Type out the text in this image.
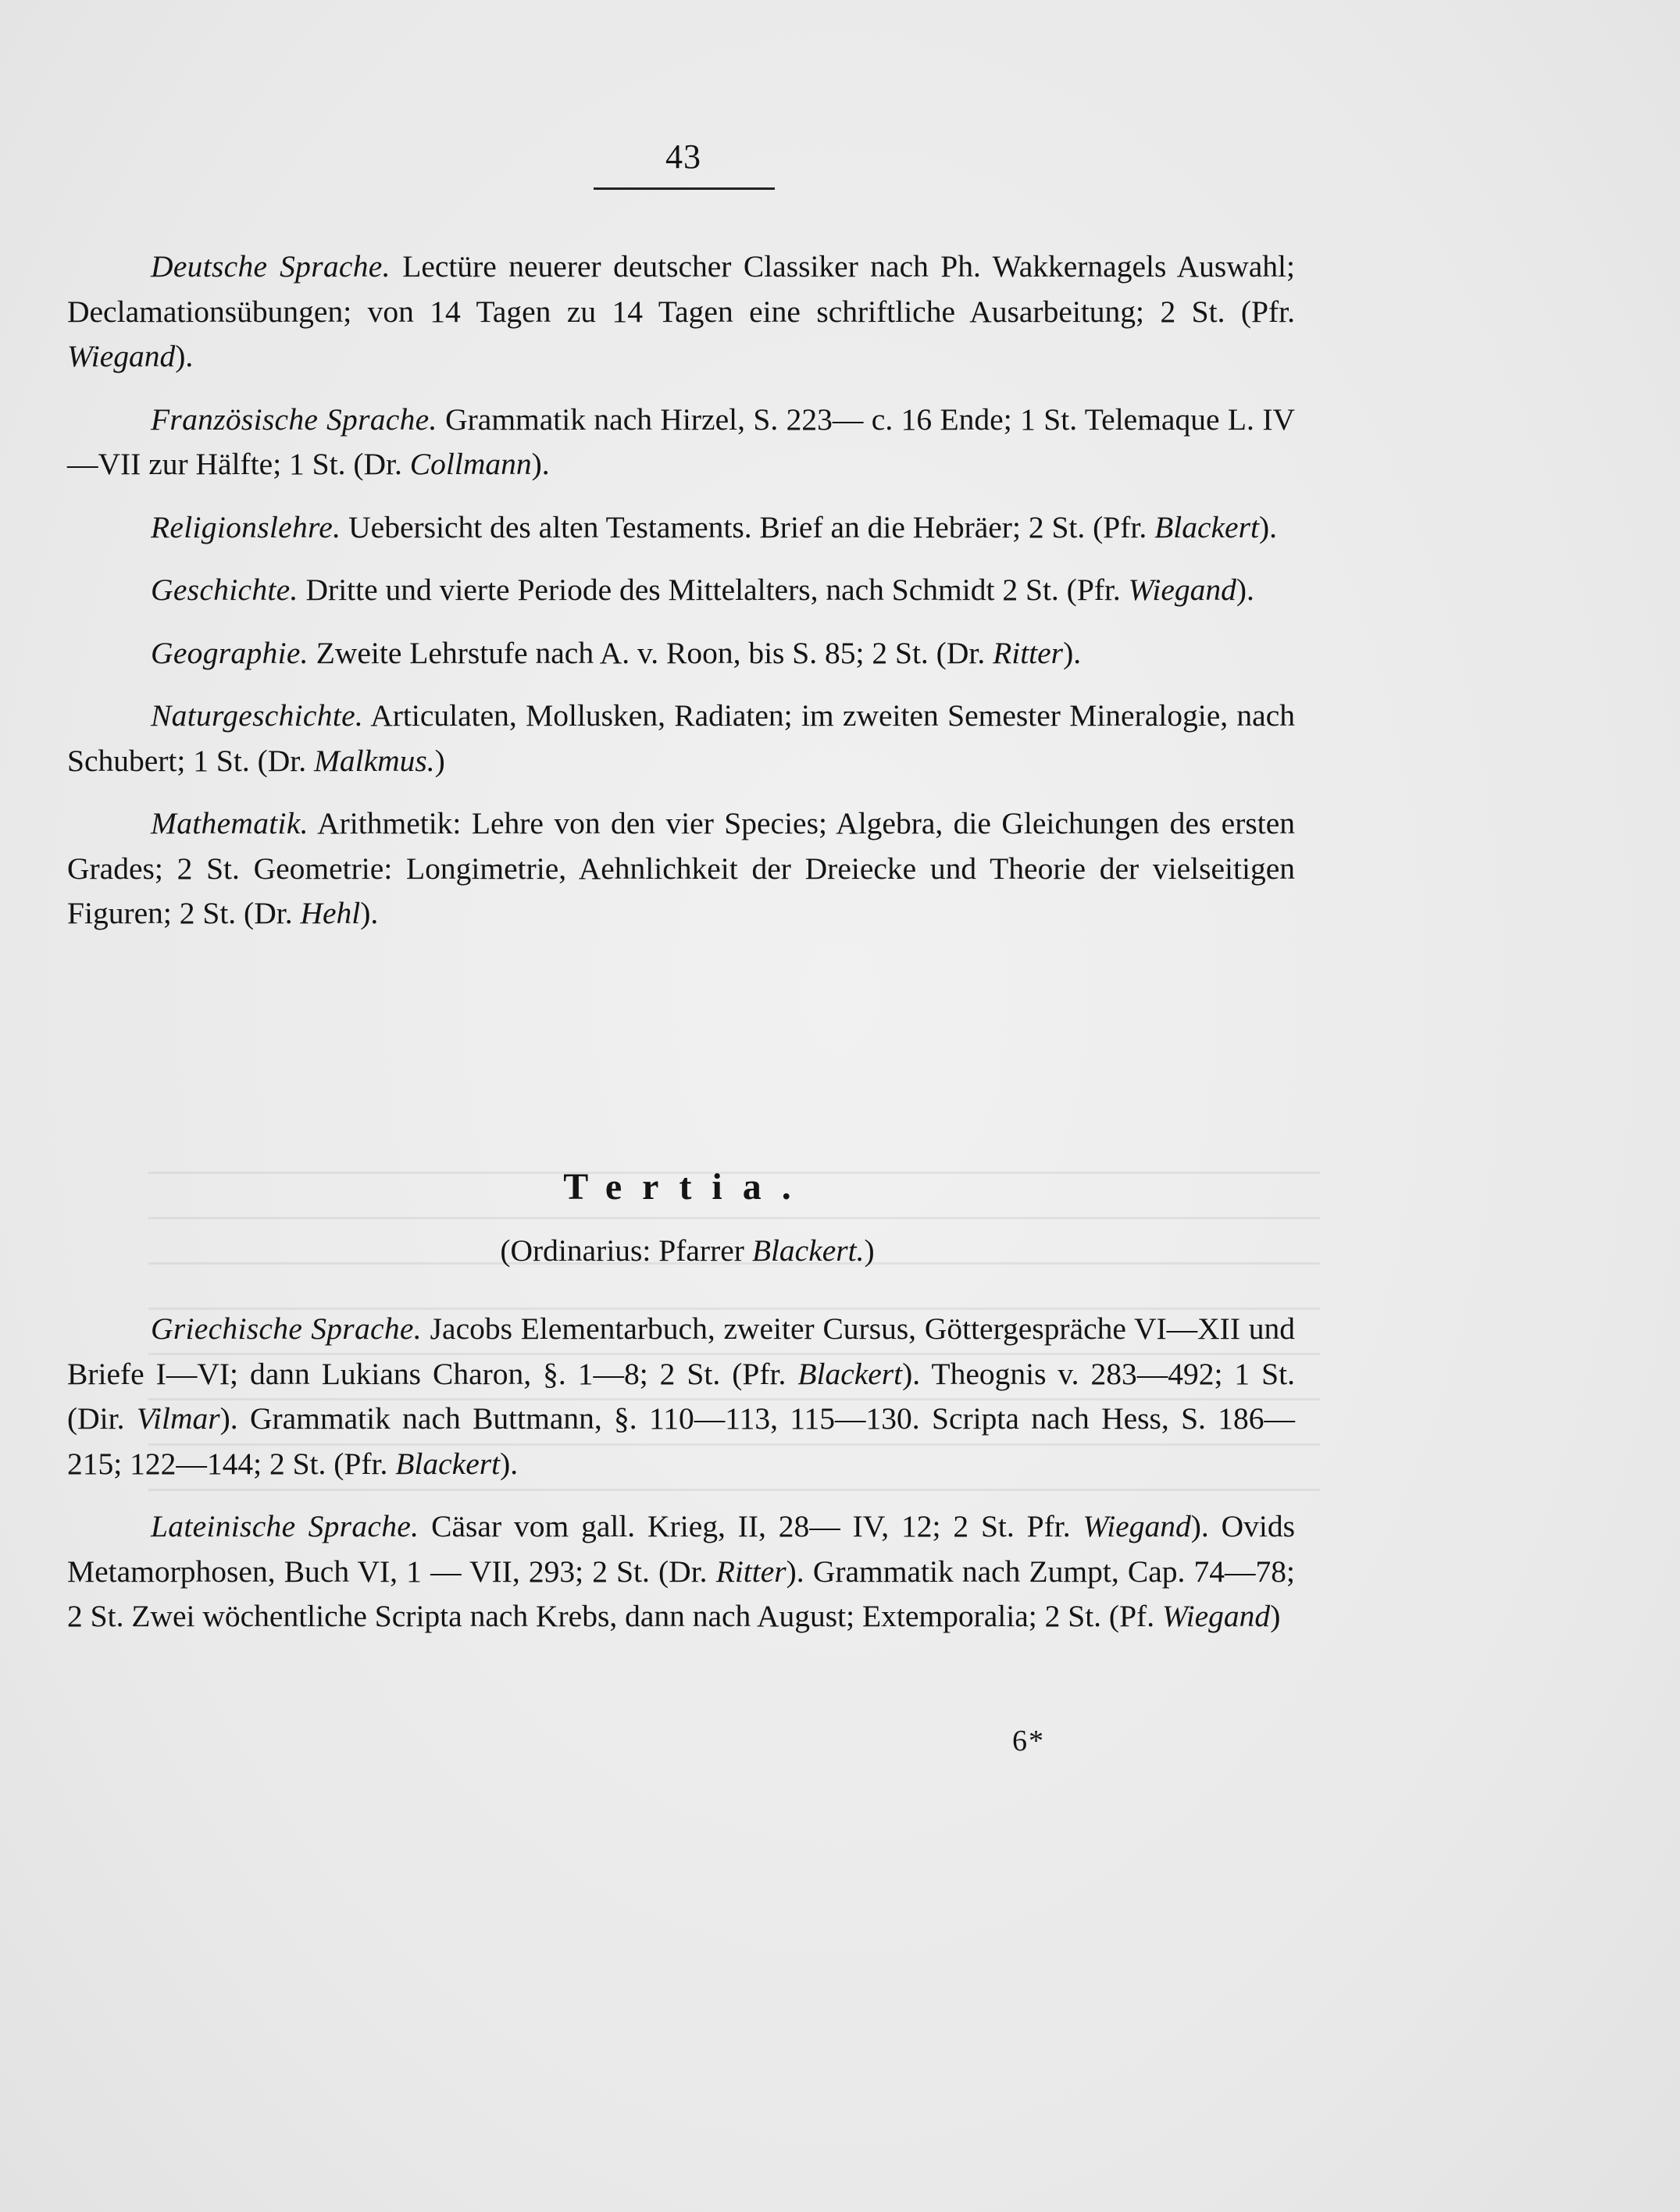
43

Deutsche Sprache. Lectüre neuerer deutscher Classiker nach Ph. Wakkernagels Auswahl; Declamationsübungen; von 14 Tagen zu 14 Tagen eine schriftliche Ausarbeitung; 2 St. (Pfr. Wiegand).

Französische Sprache. Grammatik nach Hirzel, S. 223— c. 16 Ende; 1 St. Telemaque L. IV—VII zur Hälfte; 1 St. (Dr. Collmann).

Religionslehre. Uebersicht des alten Testaments. Brief an die Hebräer; 2 St. (Pfr. Blackert).

Geschichte. Dritte und vierte Periode des Mittelalters, nach Schmidt 2 St. (Pfr. Wiegand).

Geographie. Zweite Lehrstufe nach A. v. Roon, bis S. 85; 2 St. (Dr. Ritter).

Naturgeschichte. Articulaten, Mollusken, Radiaten; im zweiten Semester Mineralogie, nach Schubert; 1 St. (Dr. Malkmus.)

Mathematik. Arithmetik: Lehre von den vier Species; Algebra, die Gleichungen des ersten Grades; 2 St. Geometrie: Longimetrie, Aehnlichkeit der Dreiecke und Theorie der vielseitigen Figuren; 2 St. (Dr. Hehl).

Tertia.
(Ordinarius: Pfarrer Blackert.)

Griechische Sprache. Jacobs Elementarbuch, zweiter Cursus, Göttergespräche VI—XII und Briefe I—VI; dann Lukians Charon, §. 1—8; 2 St. (Pfr. Blackert). Theognis v. 283—492; 1 St. (Dir. Vilmar). Grammatik nach Buttmann, §. 110—113, 115—130. Scripta nach Hess, S. 186—215; 122—144; 2 St. (Pfr. Blackert).

Lateinische Sprache. Cäsar vom gall. Krieg, II, 28— IV, 12; 2 St. Pfr. Wiegand). Ovids Metamorphosen, Buch VI, 1 — VII, 293; 2 St. (Dr. Ritter). Grammatik nach Zumpt, Cap. 74—78; 2 St. Zwei wöchentliche Scripta nach Krebs, dann nach August; Extemporalia; 2 St. (Pf. Wiegand)

6*
